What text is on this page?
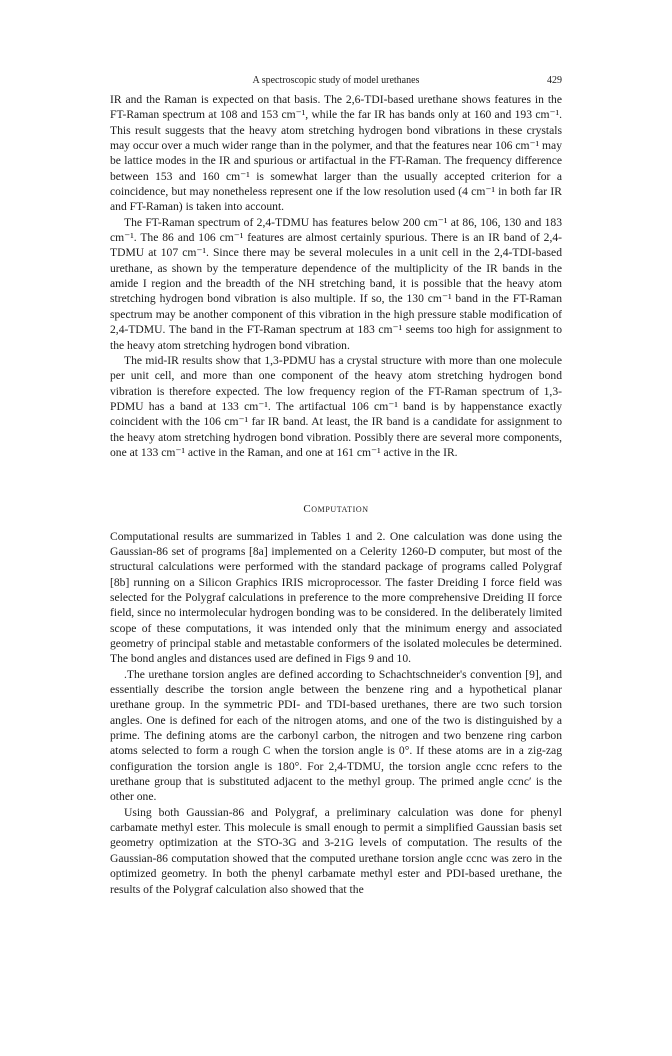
A spectroscopic study of model urethanes	429

IR and the Raman is expected on that basis. The 2,6-TDI-based urethane shows features in the FT-Raman spectrum at 108 and 153 cm⁻¹, while the far IR has bands only at 160 and 193 cm⁻¹. This result suggests that the heavy atom stretching hydrogen bond vibrations in these crystals may occur over a much wider range than in the polymer, and that the features near 106 cm⁻¹ may be lattice modes in the IR and spurious or artifactual in the FT-Raman. The frequency difference between 153 and 160 cm⁻¹ is somewhat larger than the usually accepted criterion for a coincidence, but may nonetheless represent one if the low resolution used (4 cm⁻¹ in both far IR and FT-Raman) is taken into account.

The FT-Raman spectrum of 2,4-TDMU has features below 200 cm⁻¹ at 86, 106, 130 and 183 cm⁻¹. The 86 and 106 cm⁻¹ features are almost certainly spurious. There is an IR band of 2,4-TDMU at 107 cm⁻¹. Since there may be several molecules in a unit cell in the 2,4-TDI-based urethane, as shown by the temperature dependence of the multiplicity of the IR bands in the amide I region and the breadth of the NH stretching band, it is possible that the heavy atom stretching hydrogen bond vibration is also multiple. If so, the 130 cm⁻¹ band in the FT-Raman spectrum may be another component of this vibration in the high pressure stable modification of 2,4-TDMU. The band in the FT-Raman spectrum at 183 cm⁻¹ seems too high for assignment to the heavy atom stretching hydrogen bond vibration.

The mid-IR results show that 1,3-PDMU has a crystal structure with more than one molecule per unit cell, and more than one component of the heavy atom stretching hydrogen bond vibration is therefore expected. The low frequency region of the FT-Raman spectrum of 1,3-PDMU has a band at 133 cm⁻¹. The artifactual 106 cm⁻¹ band is by happenstance exactly coincident with the 106 cm⁻¹ far IR band. At least, the IR band is a candidate for assignment to the heavy atom stretching hydrogen bond vibration. Possibly there are several more components, one at 133 cm⁻¹ active in the Raman, and one at 161 cm⁻¹ active in the IR.

Computation

Computational results are summarized in Tables 1 and 2. One calculation was done using the Gaussian-86 set of programs [8a] implemented on a Celerity 1260-D computer, but most of the structural calculations were performed with the standard package of programs called Polygraf [8b] running on a Silicon Graphics IRIS microprocessor. The faster Dreiding I force field was selected for the Polygraf calculations in preference to the more comprehensive Dreiding II force field, since no intermolecular hydrogen bonding was to be considered. In the deliberately limited scope of these computations, it was intended only that the minimum energy and associated geometry of principal stable and metastable conformers of the isolated molecules be determined. The bond angles and distances used are defined in Figs 9 and 10.

.The urethane torsion angles are defined according to Schachtschneider's convention [9], and essentially describe the torsion angle between the benzene ring and a hypothetical planar urethane group. In the symmetric PDI- and TDI-based urethanes, there are two such torsion angles. One is defined for each of the nitrogen atoms, and one of the two is distinguished by a prime. The defining atoms are the carbonyl carbon, the nitrogen and two benzene ring carbon atoms selected to form a rough C when the torsion angle is 0°. If these atoms are in a zig-zag configuration the torsion angle is 180°. For 2,4-TDMU, the torsion angle ccnc refers to the urethane group that is substituted adjacent to the methyl group. The primed angle ccnc′ is the other one.

Using both Gaussian-86 and Polygraf, a preliminary calculation was done for phenyl carbamate methyl ester. This molecule is small enough to permit a simplified Gaussian basis set geometry optimization at the STO-3G and 3-21G levels of computation. The results of the Gaussian-86 computation showed that the computed urethane torsion angle ccnc was zero in the optimized geometry. In both the phenyl carbamate methyl ester and PDI-based urethane, the results of the Polygraf calculation also showed that the
